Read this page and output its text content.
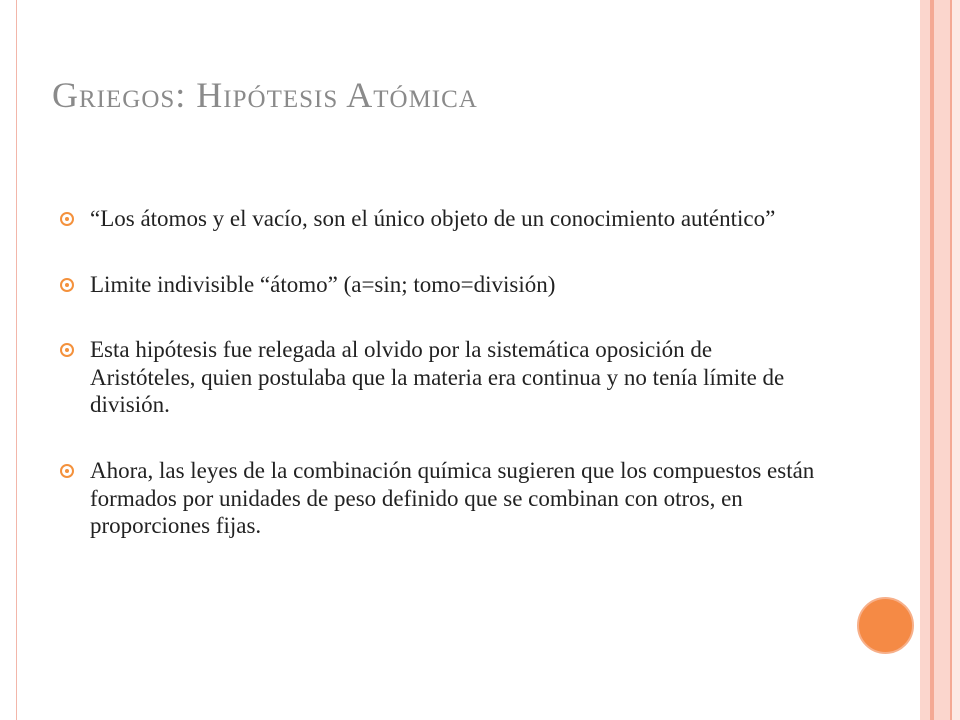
Griegos: Hipótesis Atómica
“Los átomos y el vacío, son el único objeto de un conocimiento auténtico”
Limite indivisible “átomo” (a=sin; tomo=división)
Esta hipótesis fue relegada al olvido por la sistemática oposición de Aristóteles, quien postulaba que la materia era continua y no tenía límite de división.
Ahora, las leyes de la combinación química sugieren que los compuestos están formados por unidades de peso definido que se combinan con otros, en proporciones fijas.
